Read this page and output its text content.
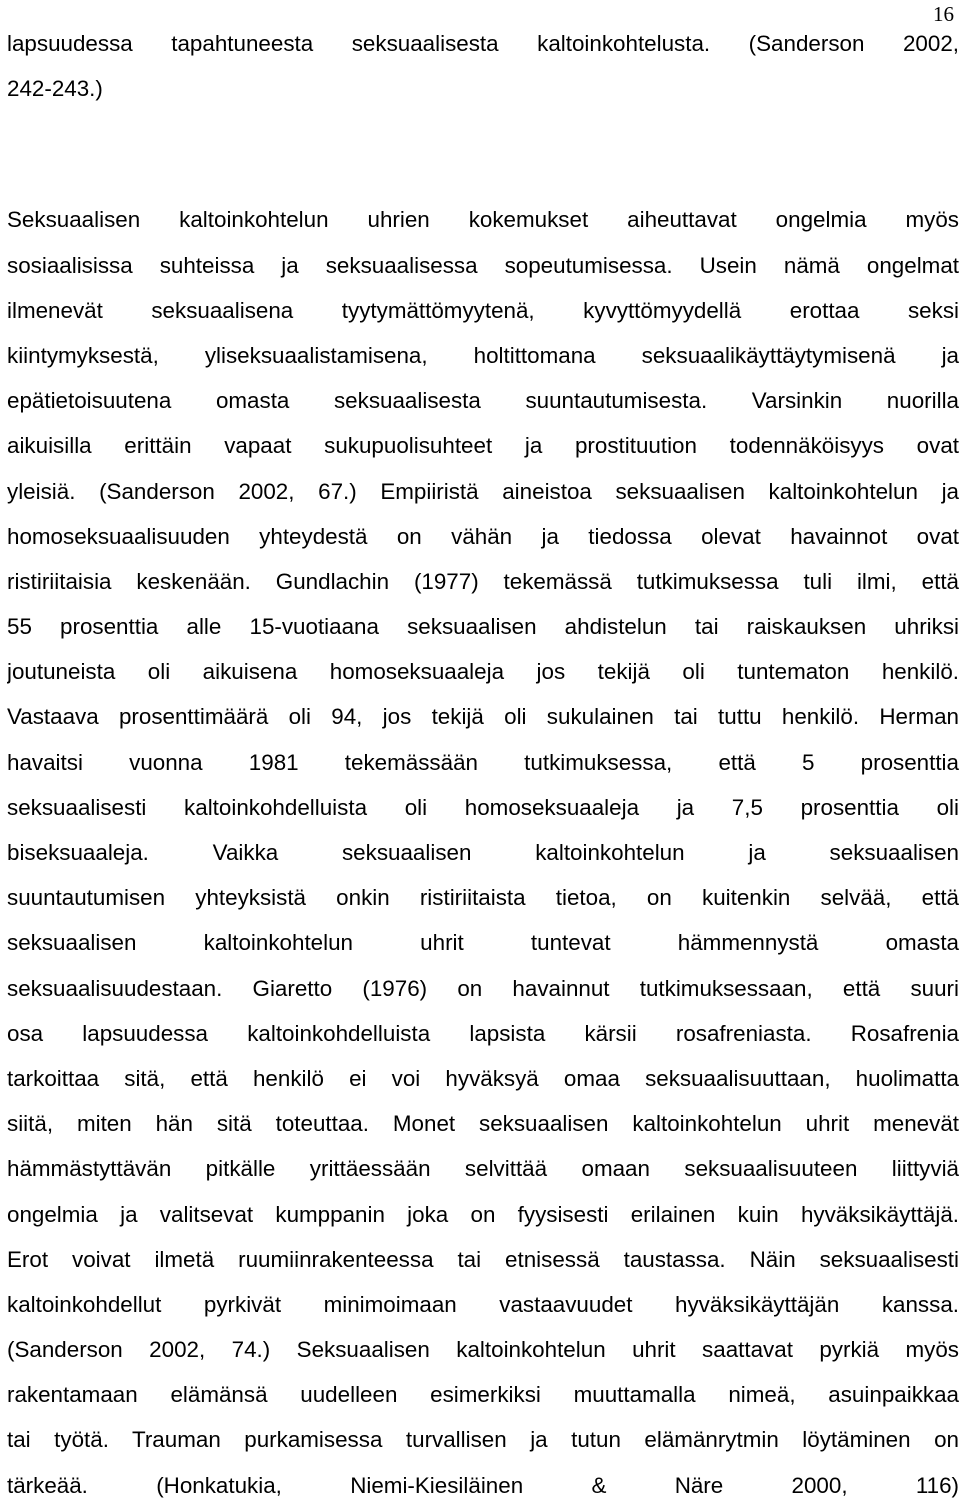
16
lapsuudessa tapahtuneesta seksuaalisesta kaltoinkohtelusta. (Sanderson 2002,
242-243.)
Seksuaalisen kaltoinkohtelun uhrien kokemukset aiheuttavat ongelmia myös
sosiaalisissa suhteissa ja seksuaalisessa sopeutumisessa. Usein nämä ongelmat
ilmenevät seksuaalisena tyytymättömyytenä, kyvyttömyydellä erottaa seksi
kiintymyksestä, yliseksuaalistamisena, holtittomana seksuaalikäyttäytymisenä ja
epätietoisuutena omasta seksuaalisesta suuntautumisesta. Varsinkin nuorilla
aikuisilla erittäin vapaat sukupuolisuhteet ja prostituution todennäköisyys ovat
yleisiä. (Sanderson 2002, 67.) Empiiristä aineistoa seksuaalisen kaltoinkohtelun ja
homoseksuaalisuuden yhteydestä on vähän ja tiedossa olevat havainnot ovat
ristiriitaisia keskenään. Gundlachin (1977) tekemässä tutkimuksessa tuli ilmi, että
55 prosenttia alle 15-vuotiaana seksuaalisen ahdistelun tai raiskauksen uhriksi
joutuneista oli aikuisena homoseksuaaleja jos tekijä oli tuntematon henkilö.
Vastaava prosenttimäärä oli 94, jos tekijä oli sukulainen tai tuttu henkilö. Herman
havaitsi vuonna 1981 tekemässään tutkimuksessa, että 5 prosenttia
seksuaalisesti kaltoinkohdelluista oli homoseksuaaleja ja 7,5 prosenttia oli
biseksuaaleja. Vaikka seksuaalisen kaltoinkohtelun ja seksuaalisen
suuntautumisen yhteyksistä onkin ristiriitaista tietoa, on kuitenkin selvää, että
seksuaalisen kaltoinkohtelun uhrit tuntevat hämmennystä omasta
seksuaalisuudestaan. Giaretto (1976) on havainnut tutkimuksessaan, että suuri
osa lapsuudessa kaltoinkohdelluista lapsista kärsii rosafreniasta. Rosafrenia
tarkoittaa sitä, että henkilö ei voi hyväksyä omaa seksuaalisuuttaan, huolimatta
siitä, miten hän sitä toteuttaa. Monet seksuaalisen kaltoinkohtelun uhrit menevät
hämmästyttävän pitkälle yrittäessään selvittää omaan seksuaalisuuteen liittyviä
ongelmia ja valitsevat kumppanin joka on fyysisesti erilainen kuin hyväksikäyttäjä.
Erot voivat ilmetä ruumiinrakenteessa tai etnisessä taustassa. Näin seksuaalisesti
kaltoinkohdellut pyrkivät minimoimaan vastaavuudet hyväksikäyttäjän kanssa.
(Sanderson 2002, 74.) Seksuaalisen kaltoinkohtelun uhrit saattavat pyrkiä myös
rakentamaan elämänsä uudelleen esimerkiksi muuttamalla nimeä, asuinpaikkaa
tai työtä. Trauman purkamisessa turvallisen ja tutun elämänrytmin löytäminen on
tärkeää. (Honkatukia, Niemi-Kiesiläinen & Näre 2000, 116)
